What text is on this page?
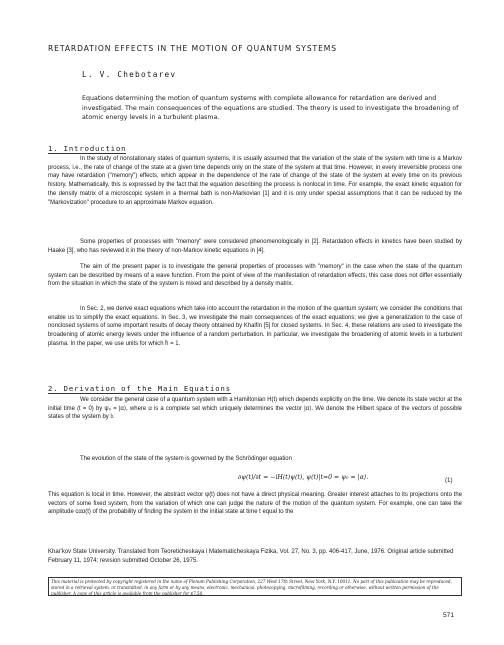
RETARDATION EFFECTS IN THE MOTION OF QUANTUM SYSTEMS
L. V. Chebotarev
Equations determining the motion of quantum systems with complete allowance for retardation are derived and investigated. The main consequences of the equations are studied. The theory is used to investigate the broadening of atomic energy levels in a turbulent plasma.
1. Introduction
In the study of nonstationary states of quantum systems, it is usually assumed that the variation of the state of the system with time is a Markov process, i.e., the rate of change of the state at a given time depends only on the state of the system at that time. However, in every irreversible process one may have retardation ("memory") effects, which appear in the dependence of the rate of change of the state of the system at every time on its previous history. Mathematically, this is expressed by the fact that the equation describing the process is nonlocal in time. For example, the exact kinetic equation for the density matrix of a microscopic system in a thermal bath is non-Markovian [1] and it is only under special assumptions that it can be reduced by the "Markovization" procedure to an approximate Markov equation.
Some properties of processes with "memory" were considered phenomenologically in [2]. Retardation effects in kinetics have been studied by Haake [3], who has reviewed it in the theory of non-Markov kinetic equations in [4].
The aim of the present paper is to investigate the general properties of processes with "memory" in the case when the state of the quantum system can be described by means of a wave function. From the point of view of the manifestation of retardation effects, this case does not differ essentially from the situation in which the state of the system is mixed and described by a density matrix.
In Sec. 2, we derive exact equations which take into account the retardation in the motion of the quantum system; we consider the conditions that enable us to simplify the exact equations. In Sec. 3, we investigate the main consequences of the exact equations; we give a generalization to the case of nonclosed systems of some important results of decay theory obtained by Khalfin [5] for closed systems. In Sec. 4, these relations are used to investigate the broadening of atomic energy levels under the influence of a random perturbation. In particular, we investigate the broadening of atomic levels in a turbulent plasma. In the paper, we use units for which ħ = 1.
2. Derivation of the Main Equations
We consider the general case of a quantum system with a Hamiltonian H(t) which depends explicitly on the time. We denote its state vector at the initial time (t = 0) by ψ₀ = |α⟩, where α is a complete set which uniquely determines the vector |α⟩. We denote the Hilbert space of the vectors of possible states of the system by 𝔥.
The evolution of the state of the system is governed by the Schrödinger equation
∂ψ(t)/∂t = −iH(t)ψ(t), ψ(t)|t=0 = ψ₀ = |α⟩.	(1)
This equation is local in time. However, the abstract vector ψ(t) does not have a direct physical meaning. Greater interest attaches to its projections onto the vectors of some fixed system, from the variation of which one can judge the nature of the motion of the quantum system. For example, one can take the amplitude cαα(t) of the probability of finding the system in the initial state at time t equal to the
Khar'kov State University. Translated from Teoreticheskaya i Matematicheskaya Fizika, Vol. 27, No. 3, pp. 406-417, June, 1976. Original article submitted February 11, 1974; revision submitted October 26, 1975.
This material is protected by copyright registered in the name of Plenum Publishing Corporation, 227 West 17th Street, New York, N.Y. 10011. No part of this publication may be reproduced, stored in a retrieval system, or transmitted, in any form or by any means, electronic, mechanical, photocopying, microfilming, recording or otherwise, without written permission of the publisher. A copy of this article is available from the publisher for $7.50.
571
